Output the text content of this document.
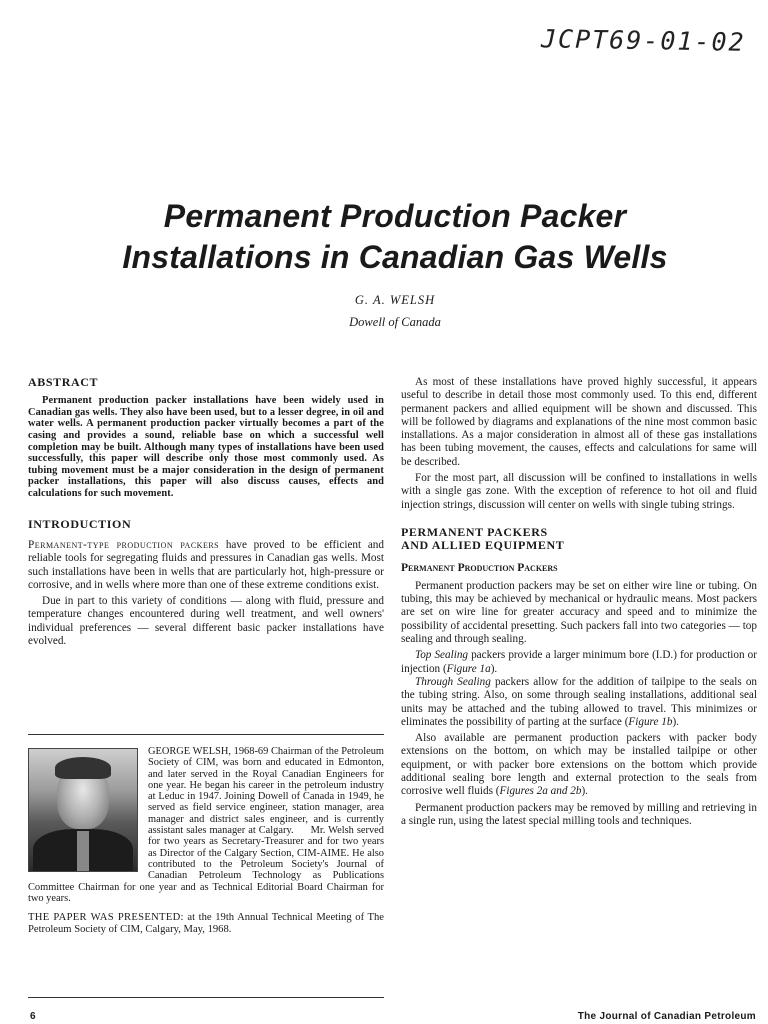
JCPT69-01-02
Permanent Production Packer
Installations in Canadian Gas Wells
G. A. WELSH
Dowell of Canada
ABSTRACT

Permanent production packer installations have been widely used in Canadian gas wells. They also have been used, but to a lesser degree, in oil and water wells. A permanent production packer virtually becomes a part of the casing and provides a sound, reliable base on which a successful well completion may be built. Although many types of installations have been used successfully, this paper will describe only those most commonly used. As tubing movement must be a major consideration in the design of permanent packer installations, this paper will also discuss causes, effects and calculations for such movement.

INTRODUCTION

Permanent-type production packers have proved to be efficient and reliable tools for segregating fluids and pressures in Canadian gas wells. Most such installations have been in wells that are particularly hot, high-pressure or corrosive, and in wells where more than one of these extreme conditions exist.

Due in part to this variety of conditions — along with fluid, pressure and temperature changes encountered during well treatment, and well owners' individual preferences — several different basic packer installations have evolved.

GEORGE WELSH, 1968-69 Chairman of the Petroleum Society of CIM, was born and educated in Edmonton, and later served in the Royal Canadian Engineers for one year. He began his career in the petroleum industry at Leduc in 1947. Joining Dowell of Canada in 1949, he served as field service engineer, station manager, area manager and district sales engineer, and is currently assistant sales manager at Calgary. Mr. Welsh served for two years as Secretary-Treasurer and for two years as Director of the Calgary Section, CIM-AIME. He also contributed to the Petroleum Society's Journal of Canadian Petroleum Technology as Publications Committee Chairman for one year and as Technical Editorial Board Chairman for two years.
THE PAPER WAS PRESENTED: at the 19th Annual Technical Meeting of The Petroleum Society of CIM, Calgary, May, 1968.

As most of these installations have proved highly successful, it appears useful to describe in detail those most commonly used. To this end, different permanent packers and allied equipment will be shown and discussed. This will be followed by diagrams and explanations of the nine most common basic installations. As a major consideration in almost all of these gas installations has been tubing movement, the causes, effects and calculations for same will be described.

For the most part, all discussion will be confined to installations in wells with a single gas zone. With the exception of reference to hot oil and fluid injection strings, discussion will center on wells with single tubing strings.

PERMANENT PACKERS
AND ALLIED EQUIPMENT
Permanent Production Packers

Permanent production packers may be set on either wire line or tubing. On tubing, this may be achieved by mechanical or hydraulic means. Most packers are set on wire line for greater accuracy and speed and to minimize the possibility of accidental presetting. Such packers fall into two categories — top sealing and through sealing.

Top Sealing packers provide a larger minimum bore (I.D.) for production or injection (Figure 1a).

Through Sealing packers allow for the addition of tailpipe to the seals on the tubing string. Also, on some through sealing installations, additional seal units may be attached and the tubing allowed to travel. This minimizes or eliminates the possibility of parting at the surface (Figure 1b).

Also available are permanent production packers with packer body extensions on the bottom, on which may be installed tailpipe or other equipment, or with packer bore extensions on the bottom which provide additional sealing bore length and external protection to the seals from corrosive well fluids (Figures 2a and 2b).

Permanent production packers may be removed by milling and retrieving in a single run, using the latest special milling tools and techniques.

6	The Journal of Canadian Petroleum
